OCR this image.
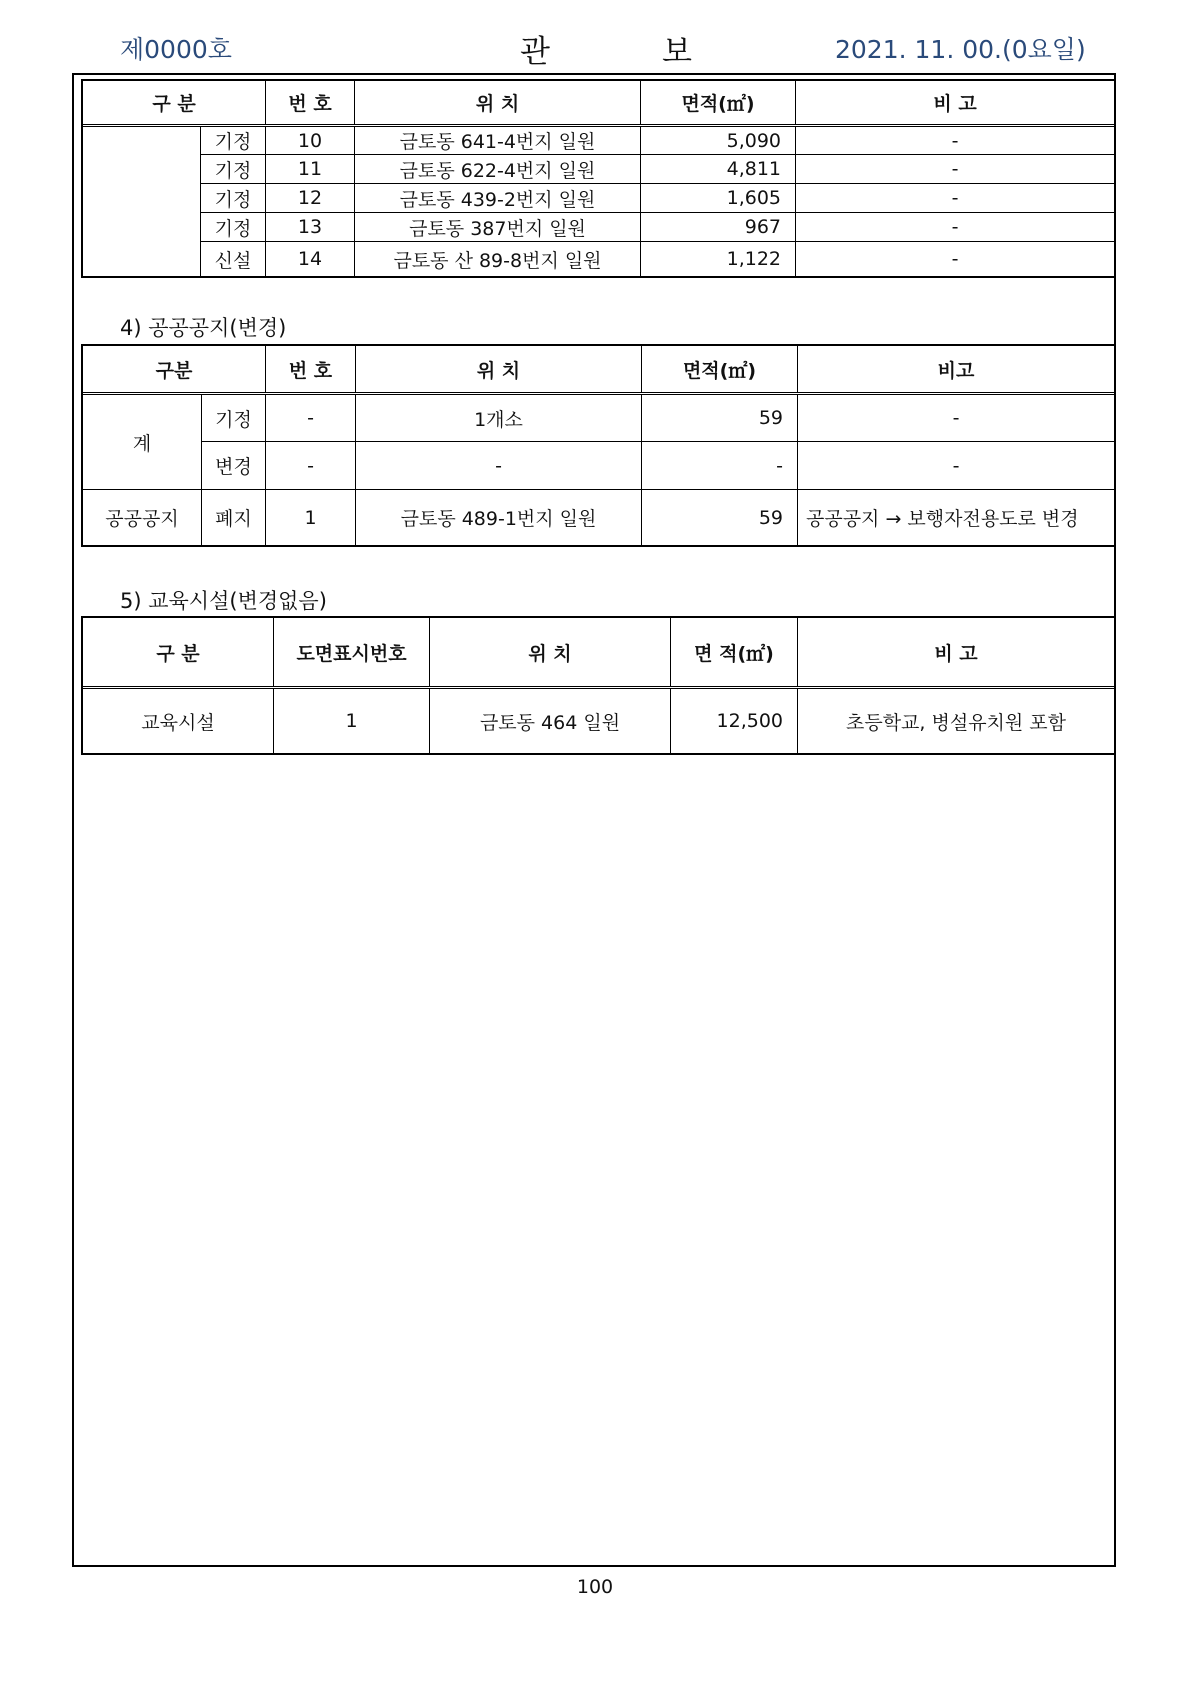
제0000호	관보 2021. 11. 00.(0요일)
구 분		번 호	위 치	면적(㎡)	비 고
	기정	10	금토동 641-4번지 일원	5,090	-
	기정	11	금토동 622-4번지 일원	4,811	-
	기정	12	금토동 439-2번지 일원	1,605	-
	기정	13	금토동 387번지 일원	967	-
	신설	14	금토동 산 89-8번지 일원	1,122	-
4) 공공공지(변경)
구분		번 호	위 치	면적(㎡)	비고
계	기정	-	1개소	59	-
	변경	-	-	-	-
공공공지	폐지	1	금토동 489-1번지 일원	59	공공공지 → 보행자전용도로 변경
5) 교육시설(변경없음)
구 분	도면표시번호	위 치	면 적(㎡)	비 고
교육시설	1	금토동 464 일원	12,500	초등학교, 병설유치원 포함
100
